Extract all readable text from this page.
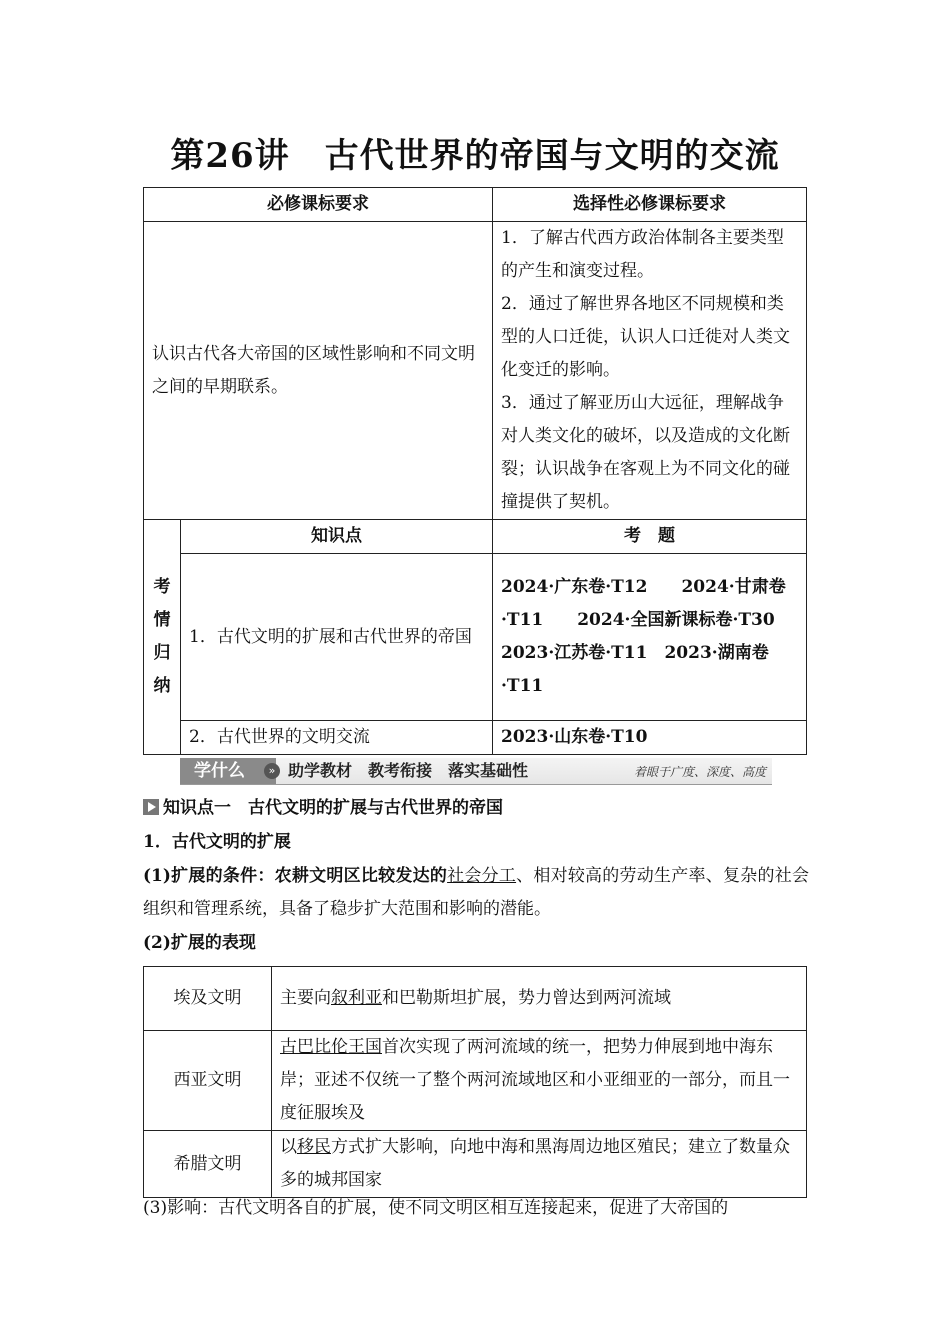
第26讲　古代世界的帝国与文明的交流
必修课标要求		选择性必修课标要求
认识古代各大帝国的区域性影响和不同文明之间的早期联系。		1．了解古代西方政治体制各主要类型的产生和演变过程。
2．通过了解世界各地区不同规模和类型的人口迁徙，认识人口迁徙对人类文化变迁的影响。
3．通过了解亚历山大远征，理解战争对人类文化的破坏，以及造成的文化断裂；认识战争在客观上为不同文化的碰撞提供了契机。

考
情
归
纳	知识点	考　题
	1．古代文明的扩展和古代世界的帝国	2024·广东卷·T12　　2024·甘肃卷·T11　　2024·全国新课标卷·T30　　2023·江苏卷·T11　2023·湖南卷·T11
	2．古代世界的文明交流	2023·山东卷·T10
学什么	» 助学教材　教考衔接　落实基础性	着眼于广度、深度、高度
知识点一　古代文明的扩展与古代世界的帝国
1．古代文明的扩展
(1)扩展的条件：农耕文明区比较发达的社会分工、相对较高的劳动生产率、复杂的社会组织和管理系统，具备了稳步扩大范围和影响的潜能。
(2)扩展的表现
埃及文明	主要向叙利亚和巴勒斯坦扩展，势力曾达到两河流域
西亚文明	古巴比伦王国首次实现了两河流域的统一，把势力伸展到地中海东岸；亚述不仅统一了整个两河流域地区和小亚细亚的一部分，而且一度征服埃及
希腊文明	以移民方式扩大影响，向地中海和黑海周边地区殖民；建立了数量众多的城邦国家
(3)影响：古代文明各自的扩展，使不同文明区相互连接起来，促进了大帝国的
